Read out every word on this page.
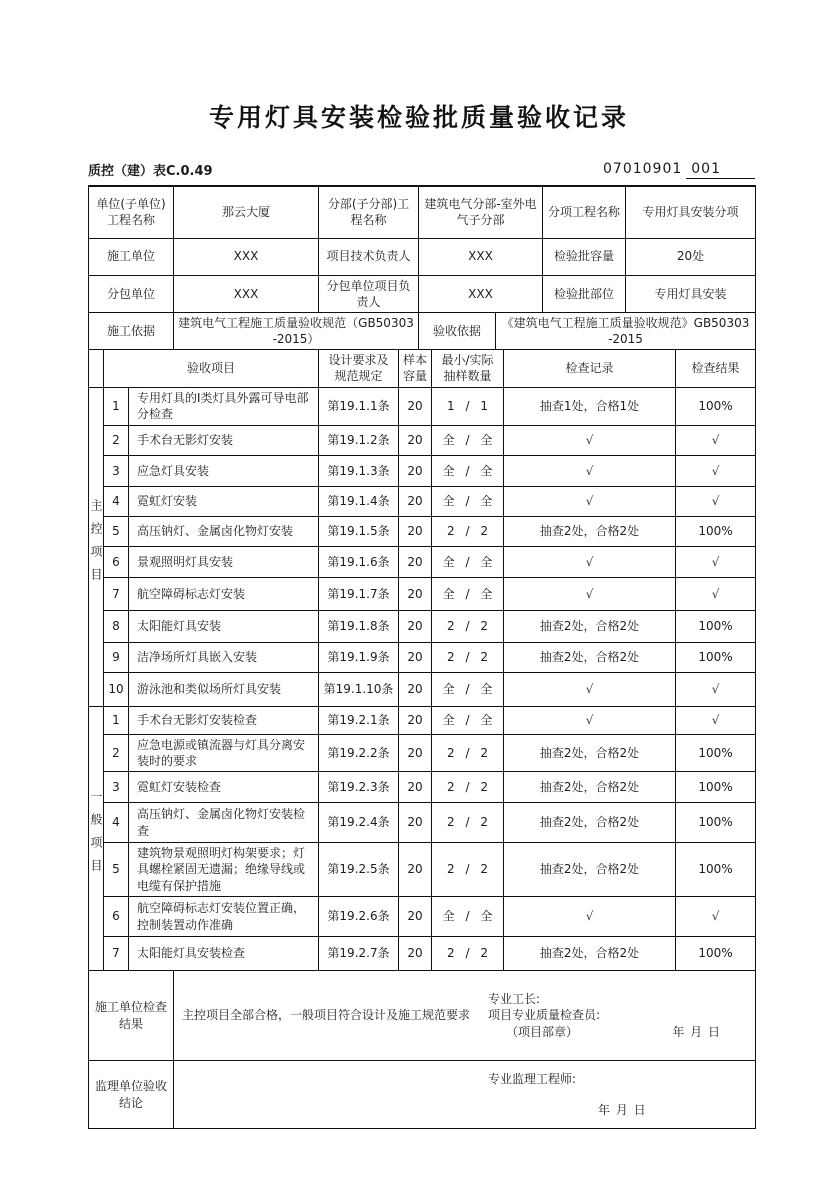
专用灯具安装检验批质量验收记录
质控（建）表C.0.49	07010901 001
单位(子单位)工程名称	那云大厦	分部(子分部)工程名称	建筑电气分部-室外电气子分部	分项工程名称	专用灯具安装分项
施工单位	XXX	项目技术负责人	XXX	检验批容量	20处
分包单位	XXX	分包单位项目负责人	XXX	检验批部位	专用灯具安装
施工依据	建筑电气工程施工质量验收规范（GB50303-2015）	验收依据	《建筑电气工程施工质量验收规范》GB50303-2015
	验收项目		设计要求及规范规定	样本容量	最小/实际抽样数量	检查记录	检查结果
主控项目	1	专用灯具的Ⅰ类灯具外露可导电部分检查	第19.1.1条	20	1 / 1	抽查1处，合格1处	100%
	2	手术台无影灯安装	第19.1.2条	20	全 / 全	√	√
	3	应急灯具安装	第19.1.3条	20	全 / 全	√	√
	4	霓虹灯安装	第19.1.4条	20	全 / 全	√	√
	5	高压钠灯、金属卤化物灯安装	第19.1.5条	20	2 / 2	抽查2处，合格2处	100%
	6	景观照明灯具安装	第19.1.6条	20	全 / 全	√	√
	7	航空障碍标志灯安装	第19.1.7条	20	全 / 全	√	√
	8	太阳能灯具安装	第19.1.8条	20	2 / 2	抽查2处，合格2处	100%
	9	洁净场所灯具嵌入安装	第19.1.9条	20	2 / 2	抽查2处，合格2处	100%
	10	游泳池和类似场所灯具安装	第19.1.10条	20	全 / 全	√	√
一般项目	1	手术台无影灯安装检查	第19.2.1条	20	全 / 全	√	√
	2	应急电源或镇流器与灯具分离安装时的要求	第19.2.2条	20	2 / 2	抽查2处，合格2处	100%
	3	霓虹灯安装检查	第19.2.3条	20	2 / 2	抽查2处，合格2处	100%
	4	高压钠灯、金属卤化物灯安装检查	第19.2.4条	20	2 / 2	抽查2处，合格2处	100%
	5	建筑物景观照明灯构架要求；灯具螺栓紧固无遗漏；绝缘导线或电缆有保护措施	第19.2.5条	20	2 / 2	抽查2处，合格2处	100%
	6	航空障碍标志灯安装位置正确，控制装置动作准确	第19.2.6条	20	全 / 全	√	√
	7	太阳能灯具安装检查	第19.2.7条	20	2 / 2	抽查2处，合格2处	100%
施工单位检查结果	主控项目全部合格，一般项目符合设计及施工规范要求
专业工长:
项目专业质量检查员:
（项目部章） 年 月 日

监理单位验收结论	专业监理工程师:
年 月 日
